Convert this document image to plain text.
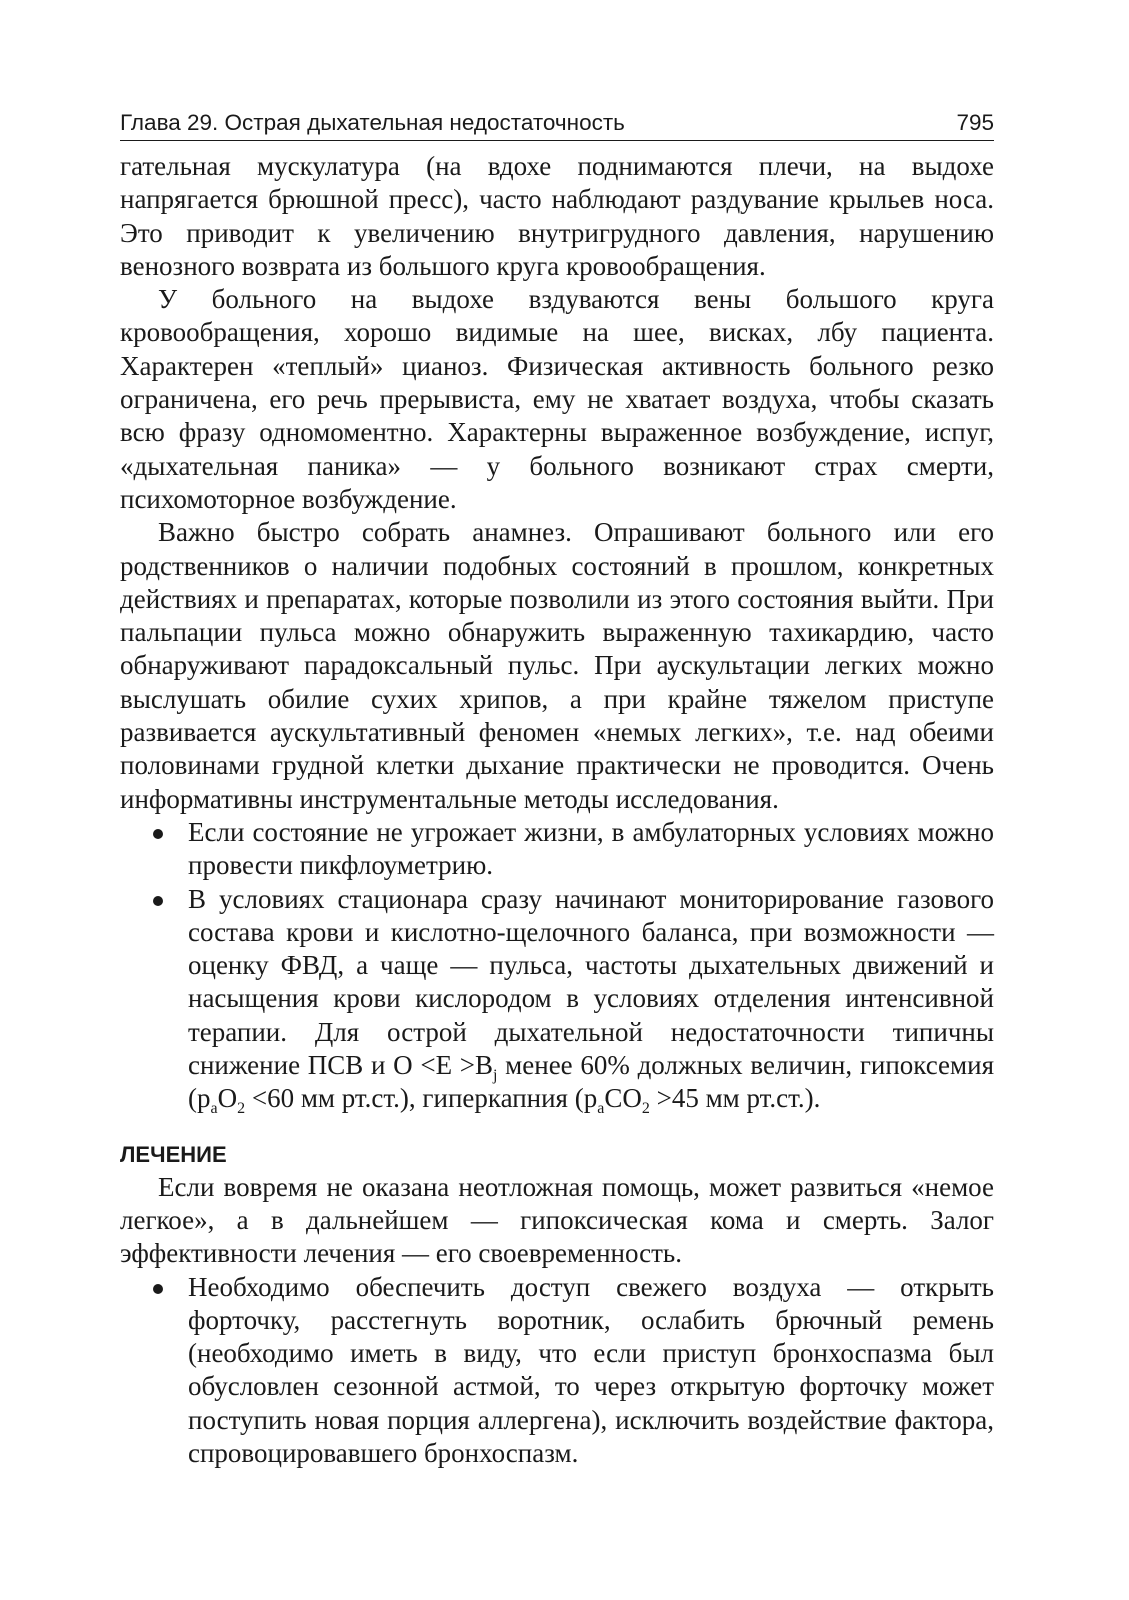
Глава 29. Острая дыхательная недостаточность	795

гательная мускулатура (на вдохе поднимаются плечи, на выдохе напрягается брюшной пресс), часто наблюдают раздувание крыльев носа. Это приводит к увеличению внутригрудного давления, нарушению венозного возврата из большого круга кровообращения.

У больного на выдохе вздуваются вены большого круга кровообращения, хорошо видимые на шее, висках, лбу пациента. Характерен «теплый» цианоз. Физическая активность больного резко ограничена, его речь прерывиста, ему не хватает воздуха, чтобы сказать всю фразу одномоментно. Характерны выраженное возбуждение, испуг, «дыхательная паника» — у больного возникают страх смерти, психомоторное возбуждение.

Важно быстро собрать анамнез. Опрашивают больного или его родственников о наличии подобных состояний в прошлом, конкретных действиях и препаратах, которые позволили из этого состояния выйти. При пальпации пульса можно обнаружить выраженную тахикардию, часто обнаруживают парадоксальный пульс. При аускультации легких можно выслушать обилие сухих хрипов, а при крайне тяжелом приступе развивается аускультативный феномен «немых легких», т.е. над обеими половинами грудной клетки дыхание практически не проводится. Очень информативны инструментальные методы исследования.

Если состояние не угрожает жизни, в амбулаторных условиях можно провести пикфлоуметрию.
В условиях стационара сразу начинают мониторирование газового состава крови и кислотно-щелочного баланса, при возможности — оценку ФВД, а чаще — пульса, частоты дыхательных движений и насыщения крови кислородом в условиях отделения интенсивной терапии. Для острой дыхательной недостаточности типичны снижение ПСВ и $О <Е >В_j$ менее 60% должных величин, гипоксемия ($p_aO_2 <60$ мм рт.ст.), гиперкапния ($p_aCO_2 >45$ мм рт.ст.).
ЛЕЧЕНИЕ

Если вовремя не оказана неотложная помощь, может развиться «немое легкое», а в дальнейшем — гипоксическая кома и смерть. Залог эффективности лечения — его своевременность.

Необходимо обеспечить доступ свежего воздуха — открыть форточку, расстегнуть воротник, ослабить брючный ремень (необходимо иметь в виду, что если приступ бронхоспазма был обусловлен сезонной астмой, то через открытую форточку может поступить новая порция аллергена), исключить воздействие фактора, спровоцировавшего бронхоспазм.
